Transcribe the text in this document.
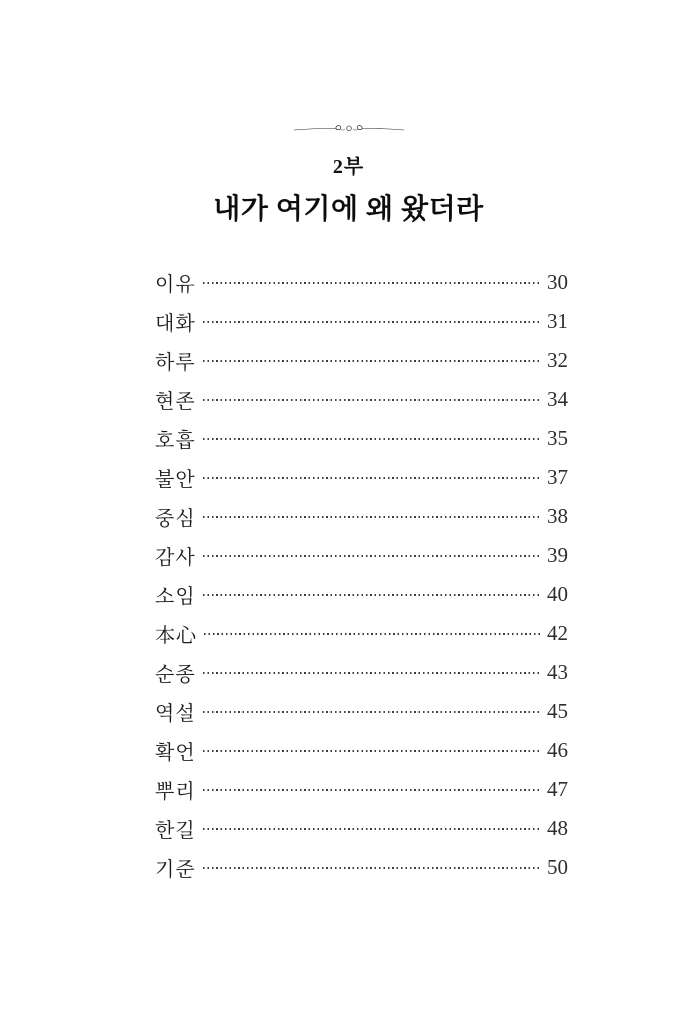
2부
내가 여기에 왜 왔더라
이유	30
대화	31
하루	32
현존	34
호흡	35
불안	37
중심	38
감사	39
소임	40
本心	42
순종	43
역설	45
확언	46
뿌리	47
한길	48
기준	50
